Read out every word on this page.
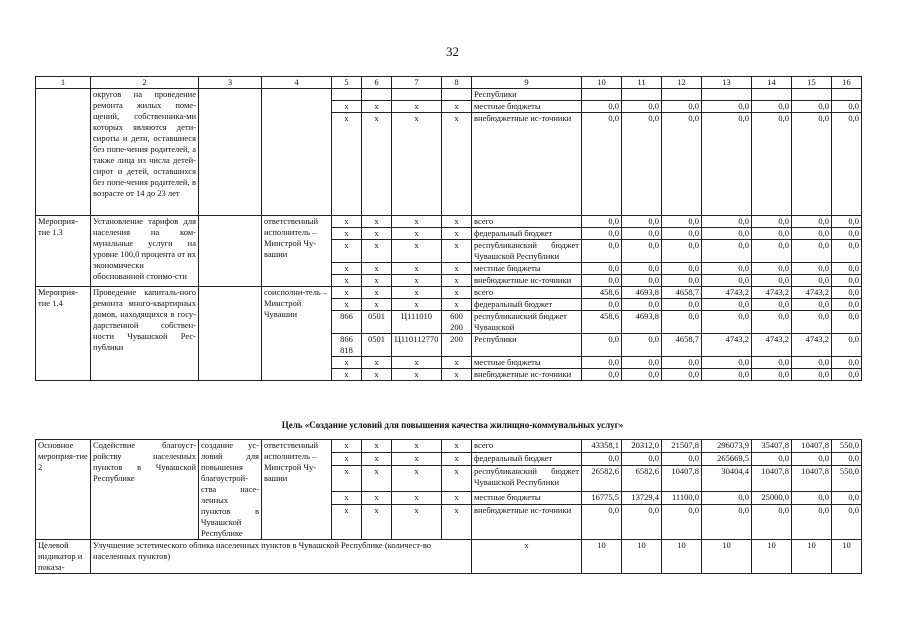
32
1	2	3	4	5	6	7	8	9	10	11	12	13	14	15	16
	округов на проведение ремонта жилых поме-щений, собственника-ми которых являются дети-сироты и дети, оставшиеся без попе-чения родителей, а также лица из числа детей-сирот и детей, оставшихся без попе-чения родителей, в возрасте от 14 до 23 лет							Республики							
				x	x	x	x	местные бюджеты	0,0	0,0	0,0	0,0	0,0	0,0	0,0
				x	x	x	x	внебюджетные ис-точники	0,0	0,0	0,0	0,0	0,0	0,0	0,0
Мероприя-тие 1.3	Установление тарифов для населения на ком-мунальные услуги на уровне 100,0 процента от их экономически обоснованной стоимо-сти		ответственный исполнитель – Минстрой Чу-вашии	x	x	x	x	всего	0,0	0,0	0,0	0,0	0,0	0,0	0,0
				x	x	x	x	федеральный бюджет	0,0	0,0	0,0	0,0	0,0	0,0	0,0
				x	x	x	x	республиканский бюджет Чувашской Республики	0,0	0,0	0,0	0,0	0,0	0,0	0,0
				x	x	x	x	местные бюджеты	0,0	0,0	0,0	0,0	0,0	0,0	0,0
				x	x	x	x	внебюджетные ис-точники	0,0	0,0	0,0	0,0	0,0	0,0	0,0
Мероприя-тие 1.4	Проведение капиталь-ного ремонта много-квартирных домов, находящихся в госу-дарственной собствен-ности Чувашской Рес-публики		соисполни-тель – Минстрой Чувашии	x	x	x	x	всего	458,6	4693,8	4658,7	4743,2	4743,2	4743,2	0,0
				x	x	x	x	федеральный бюджет	0,0	0,0	0,0	0,0	0,0	0,0	0,0
				866	0501	Ц111010	600 200	республиканский бюджет Чувашской	458,6	4693,8	0,0	0,0	0,0	0,0	0,0
				866 818	0501	Ц110112770	200	Республики	0,0	0,0	4658,7	4743,2	4743,2	4743,2	0,0
				x	x	x	x	местные бюджеты	0,0	0,0	0,0	0,0	0,0	0,0	0,0
				x	x	x	x	внебюджетные ис-точники	0,0	0,0	0,0	0,0	0,0	0,0	0,0
Цель «Создание условий для повышения качества жилищно-коммунальных услуг»
Основное мероприя-тие 2	Содействие благоуст-ройству населенных пунктов в Чувашской Республике	создание ус-ловий для повышения благоустрой-ства насе-ленных пунктов в Чувашской Республике	ответственный исполнитель – Минстрой Чу-вашии	x	x	x	x	всего	43358,1	20312,0	21507,8	296073,9	35407,8	10407,8	550,0
				x	x	x	x	федеральный бюджет	0,0	0,0	0,0	265669,5	0,0	0,0	0,0
				x	x	x	x	республиканский бюджет Чувашской Республики	26582,6	6582,6	10407,8	30404,4	10407,8	10407,8	550,0
				x	x	x	x	местные бюджеты	16775,5	13729,4	11100,0	0,0	25000,0	0,0	0,0
				x	x	x	x	внебюджетные ис-точники	0,0	0,0	0,0	0,0	0,0	0,0	0,0
Целевой индикатор и показа-	Улучшение эстетического облика населенных пунктов в Чувашской Республике (количест-во населенных пунктов)							x	10	10	10	10	10	10	10
